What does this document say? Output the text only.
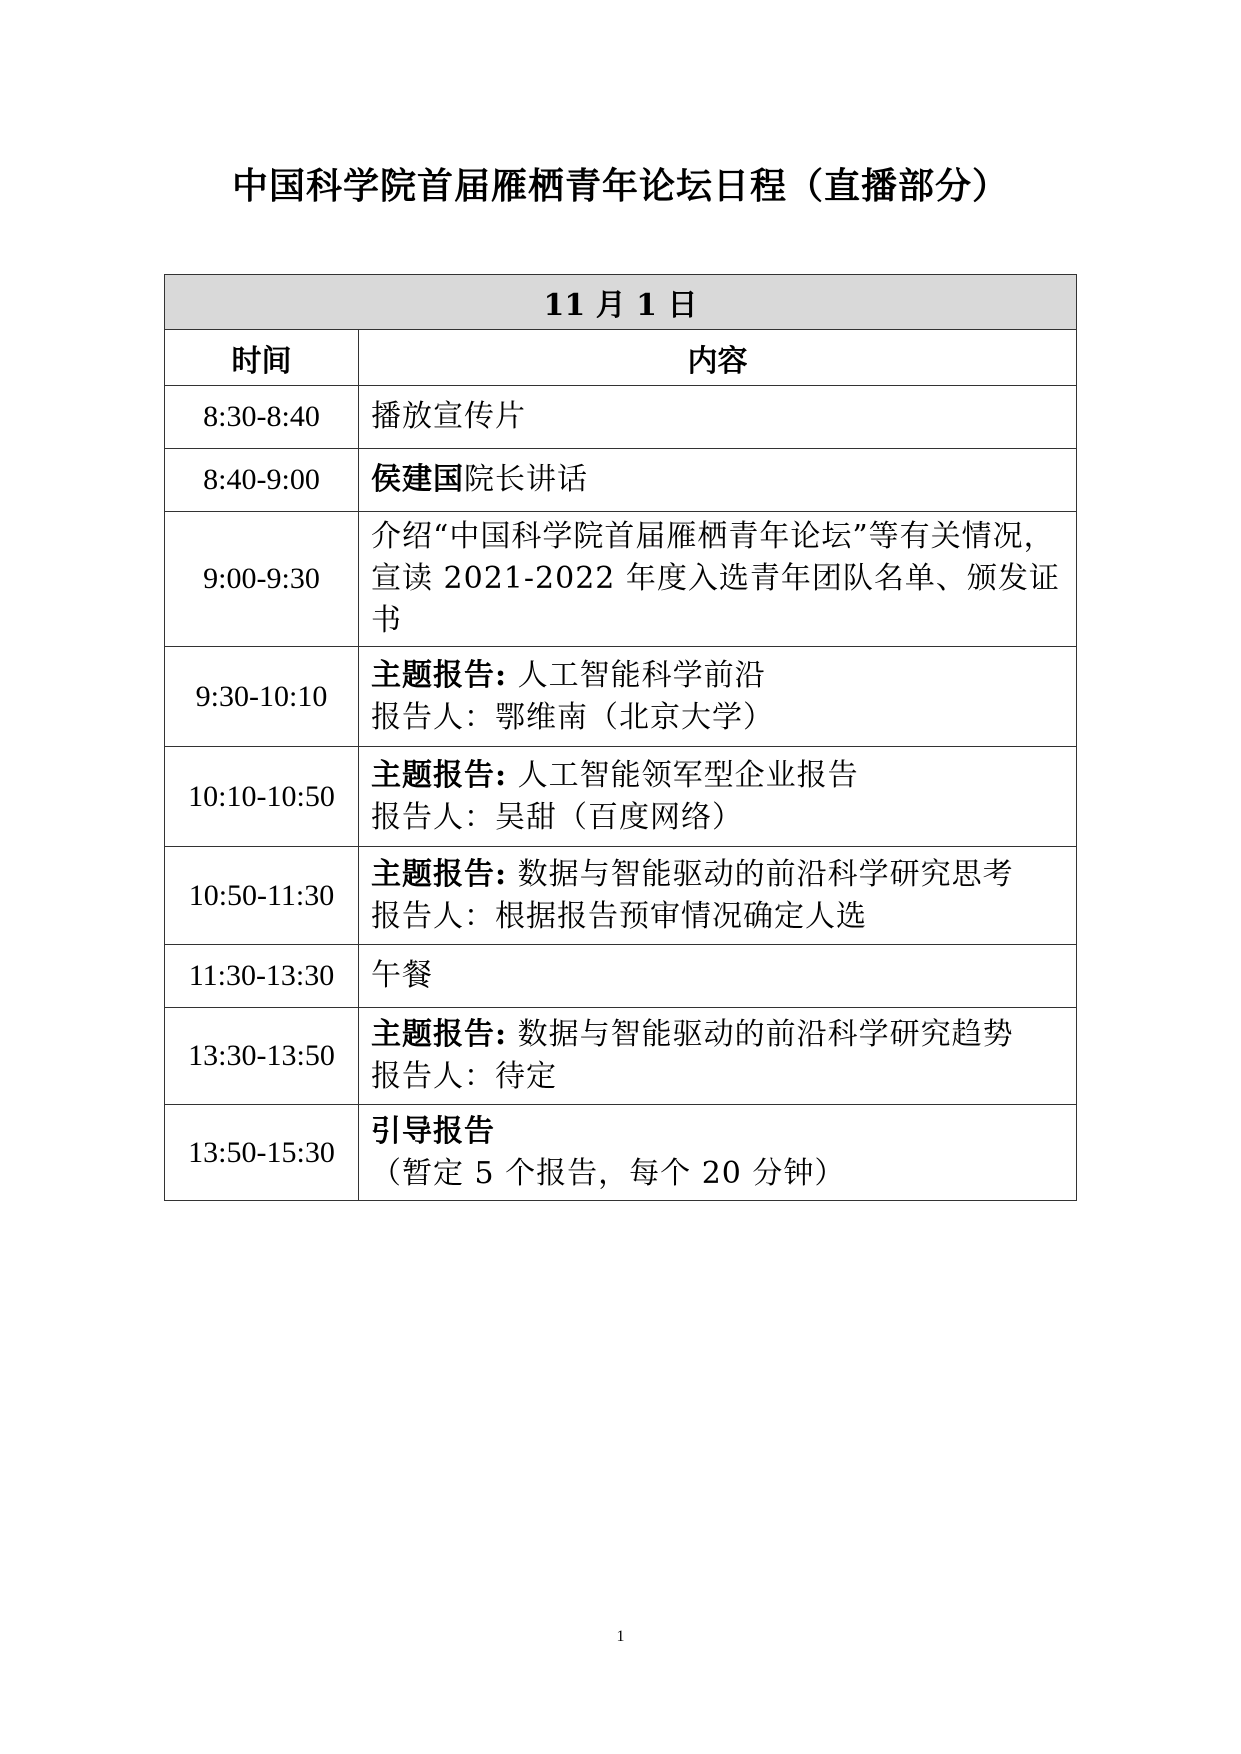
中国科学院首届雁栖青年论坛日程（直播部分）
11 月 1 日	
时间	内容
8:30-8:40	播放宣传片
8:40-9:00	侯建国院长讲话
9:00-9:30	介绍“中国科学院首届雁栖青年论坛”等有关情况，宣读 2021-2022 年度入选青年团队名单、颁发证书
9:30-10:10	主题报告: 人工智能科学前沿
报告人：鄂维南（北京大学）

10:10-10:50	主题报告: 人工智能领军型企业报告
报告人：吴甜（百度网络）

10:50-11:30	主题报告: 数据与智能驱动的前沿科学研究思考
报告人：根据报告预审情况确定人选

11:30-13:30	午餐
13:30-13:50	主题报告: 数据与智能驱动的前沿科学研究趋势
报告人：待定

13:50-15:30	引导报告
（暂定 5 个报告，每个 20 分钟）
1
